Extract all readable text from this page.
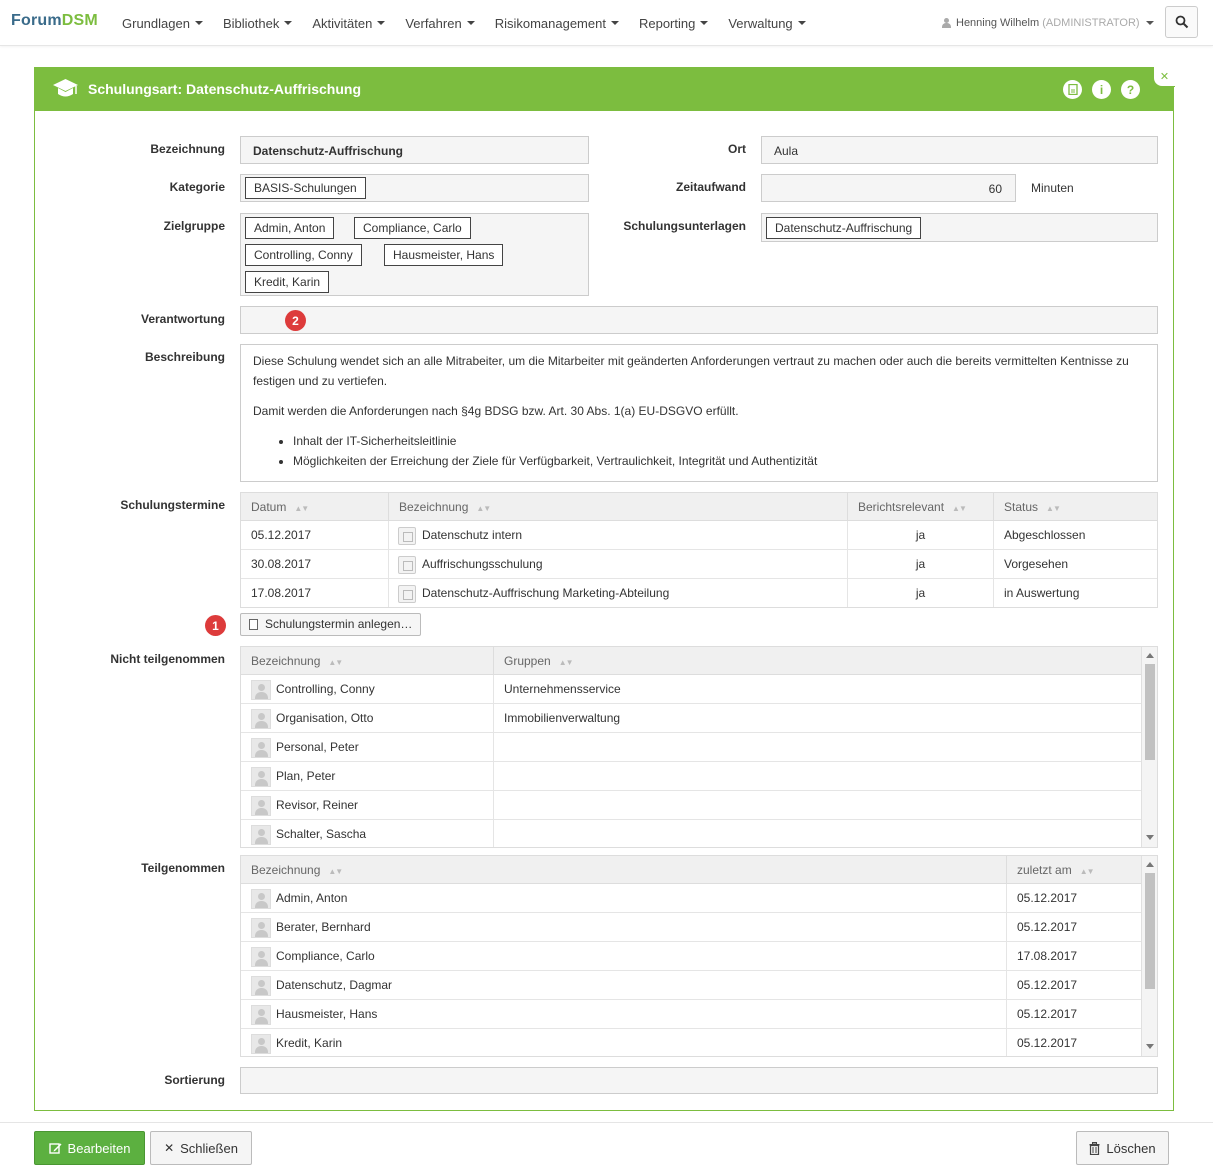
ForumDSM Grundlagen	Bibliothek	Aktivitäten	Verfahren	Risikomanagement	Reporting	Verwaltung	Henning Wilhelm
(ADMINISTRATOR)
Schulungsart: Datenschutz-Auffrischung	i	?
✕
Bezeichnung Datenschutz-Auffrischung	Ort Aula
Kategorie	BASIS-Schulungen	Zeitaufwand	60 Minuten
Zielgruppe	Admin, Anton	Compliance, Carlo
Controlling, Conny	Hausmeister, Hans
Kredit, Karin
Schulungsunterlagen	Datenschutz-Auffrischung
Verantwortung	2
Beschreibung Diese Schulung wendet sich an alle Mitrabeiter, um die Mitarbeiter mit geänderten Anforderungen vertraut zu machen oder auch die bereits vermittelten Kentnisse zu festigen und zu vertiefen.

Damit werden die Anforderungen nach §4g BDSG bzw. Art. 30 Abs. 1(a) EU-DSGVO erfüllt.

• Inhalt der IT-Sicherheitsleitlinie
• Möglichkeiten der Erreichung der Ziele für Verfügbarkeit, Vertraulichkeit, Integrität und Authentizität
Schulungstermine	Datum ▲▼	Bezeichnung ▲▼	Berichtsrelevant ▲▼	Status ▲▼
05.12.2017	Datenschutz intern	ja	Abgeschlossen
30.08.2017	Auffrischungsschulung	ja	Vorgesehen
17.08.2017	Datenschutz-Auffrischung Marketing-Abteilung	ja	in Auswertung
1	Schulungstermin anlegen…
Nicht teilgenommen	Bezeichnung ▲▼	Gruppen ▲▼
Controlling, Conny	Unternehmensservice
Organisation, Otto	Immobilienverwaltung
Personal, Peter
Plan, Peter
Revisor, Reiner
Schalter, Sascha
Teilgenommen	Bezeichnung ▲▼	zuletzt am ▲▼
Admin, Anton	05.12.2017
Berater, Bernhard	05.12.2017
Compliance, Carlo	17.08.2017
Datenschutz, Dagmar	05.12.2017
Hausmeister, Hans	05.12.2017
Kredit, Karin	05.12.2017
Sortierung
Bearbeiten	✕ Schließen	Löschen
